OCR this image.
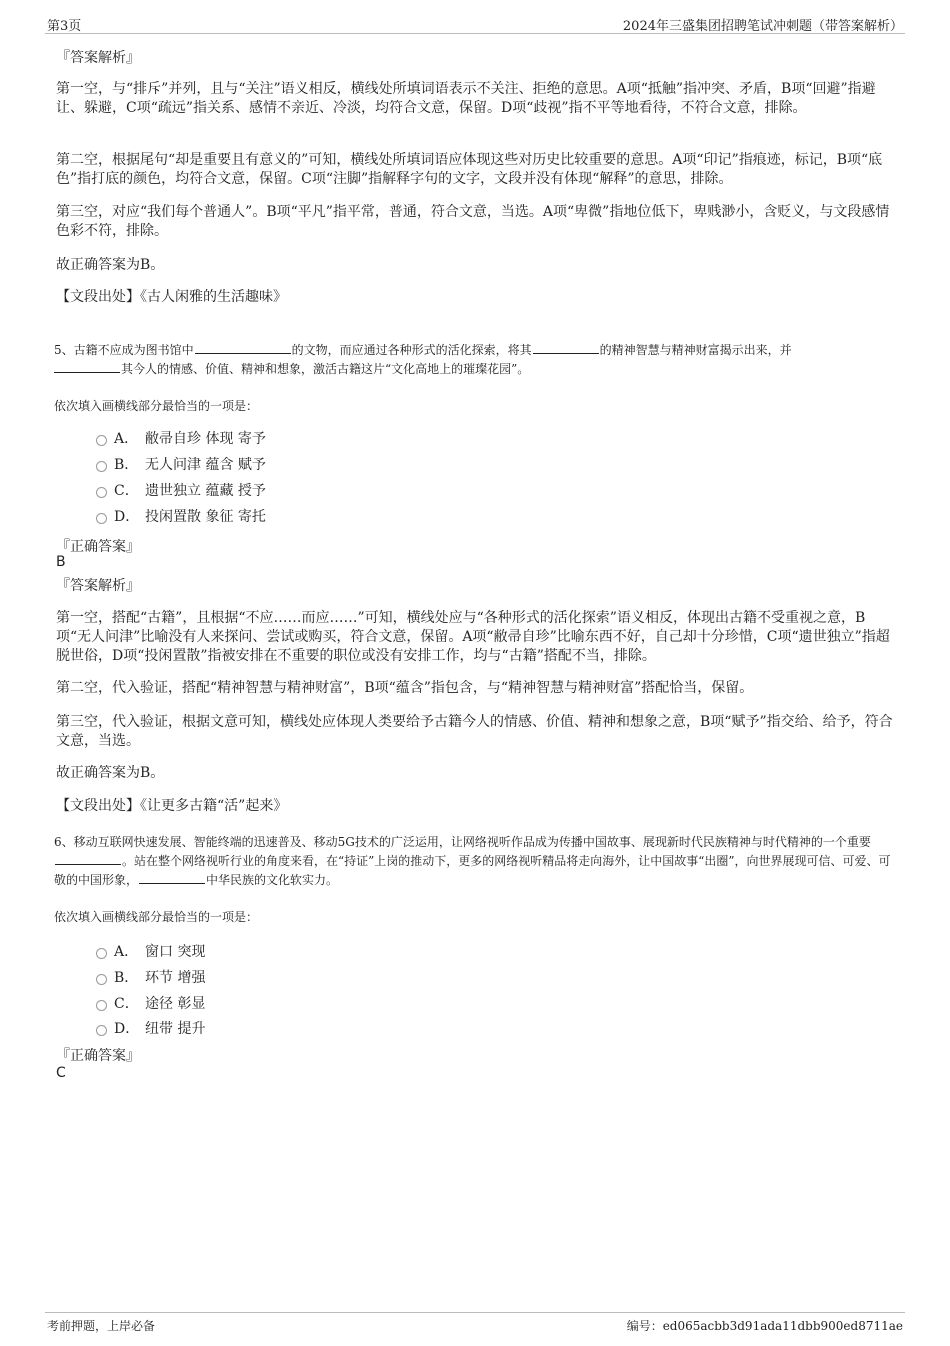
第3页	2024年三盛集团招聘笔试冲刺题（带答案解析）
『答案解析』
第一空，与“排斥”并列，且与“关注”语义相反，横线处所填词语表示不关注、拒绝的意思。A项“抵触”指冲突、矛盾，B项“回避”指避让、躲避，C项“疏远”指关系、感情不亲近、冷淡，均符合文意，保留。D项“歧视”指不平等地看待，不符合文意，排除。
第二空，根据尾句“却是重要且有意义的”可知，横线处所填词语应体现这些对历史比较重要的意思。A项“印记”指痕迹，标记，B项“底色”指打底的颜色，均符合文意，保留。C项“注脚”指解释字句的文字，文段并没有体现“解释”的意思，排除。
第三空，对应“我们每个普通人”。B项“平凡”指平常，普通，符合文意，当选。A项“卑微”指地位低下，卑贱渺小，含贬义，与文段感情色彩不符，排除。
故正确答案为B。
【文段出处】《古人闲雅的生活趣味》
5、古籍不应成为图书馆中	的文物，而应通过各种形式的活化探索，将其	的精神智慧与精神财富揭示出来，并
其今人的情感、价值、精神和想象，激活古籍这片“文化高地上的璀璨花园”。
依次填入画横线部分最恰当的一项是：
A． 敝帚自珍 体现 寄予
B． 无人问津 蕴含 赋予
C． 遗世独立 蕴藏 授予
D． 投闲置散 象征 寄托
『正确答案』
B
『答案解析』
第一空，搭配“古籍”，且根据“不应……而应……”可知，横线处应与“各种形式的活化探索”语义相反，体现出古籍不受重视之意，B项“无人问津”比喻没有人来探问、尝试或购买，符合文意，保留。A项“敝帚自珍”比喻东西不好，自己却十分珍惜，C项“遗世独立”指超脱世俗，D项“投闲置散”指被安排在不重要的职位或没有安排工作，均与“古籍”搭配不当，排除。
第二空，代入验证，搭配“精神智慧与精神财富”，B项“蕴含”指包含，与“精神智慧与精神财富”搭配恰当，保留。
第三空，代入验证，根据文意可知，横线处应体现人类要给予古籍今人的情感、价值、精神和想象之意，B项“赋予”指交给、给予，符合文意，当选。
故正确答案为B。
【文段出处】《让更多古籍“活”起来》
6、移动互联网快速发展、智能终端的迅速普及、移动5G技术的广泛运用，让网络视听作品成为传播中国故事、展现新时代民族精神与时代精神的一个重要。站在整个网络视听行业的角度来看，在“持证”上岗的推动下，更多的网络视听精品将走向海外，让中国故事“出圈”，向世界展现可信、可爱、可敬的中国形象，	中华民族的文化软实力。
依次填入画横线部分最恰当的一项是：
A． 窗口 突现
B． 环节 增强
C． 途径 彰显
D． 纽带 提升
『正确答案』
C
考前押题，上岸必备	编号：ed065acbb3d91ada11dbb900ed8711ae
